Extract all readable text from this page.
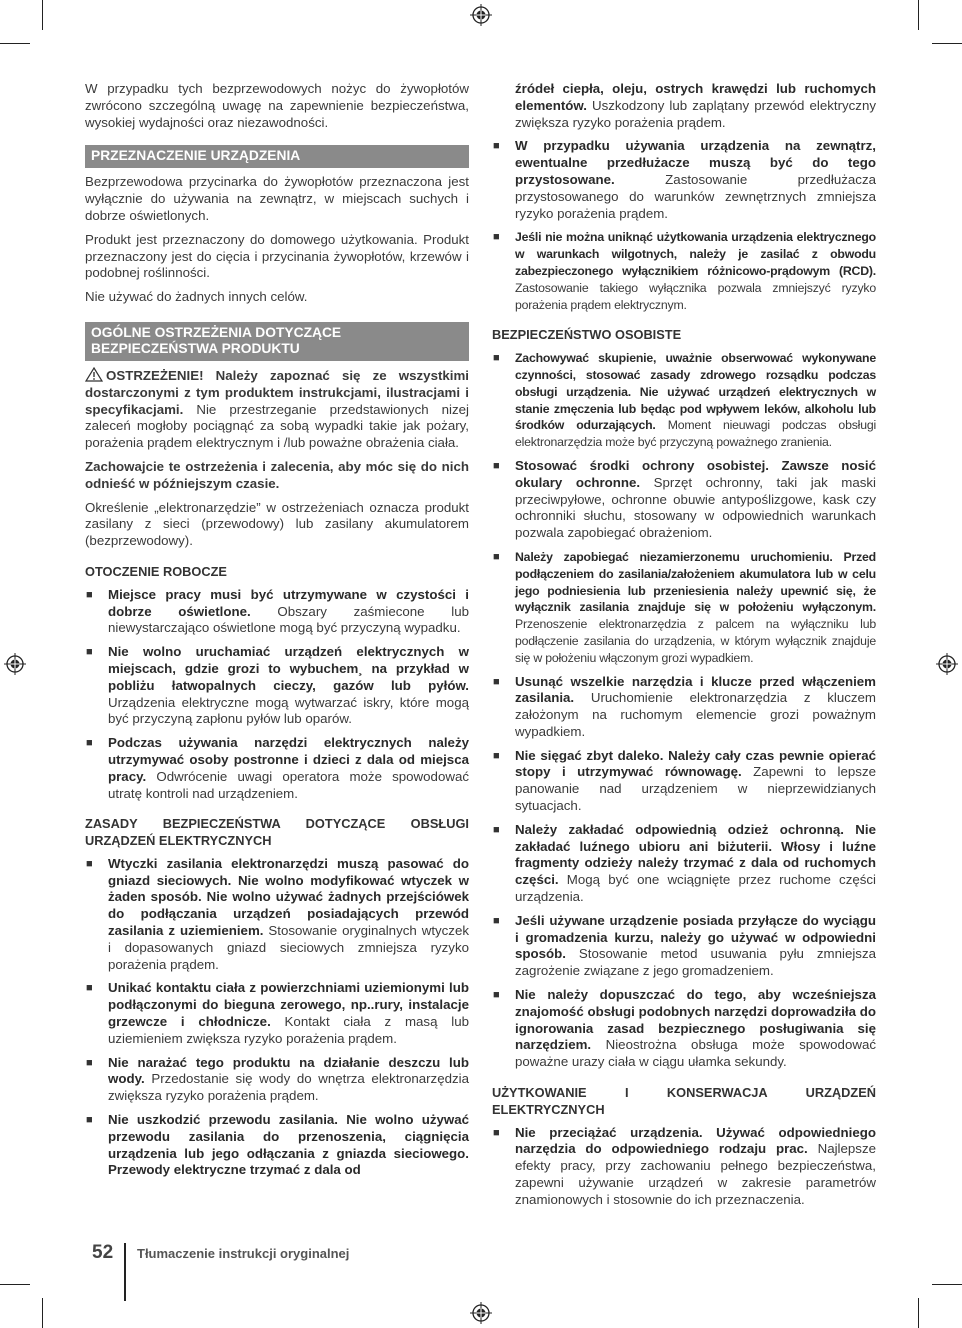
W przypadku tych bezprzewodowych nożyc do żywopłotów zwrócono szczególną uwagę na zapewnienie bezpieczeństwa, wysokiej wydajności oraz niezawodności.

PRZEZNACZENIE URZĄDZENIA

Bezprzewodowa przycinarka do żywopłotów przeznaczona jest wyłącznie do używania na zewnątrz, w miejscach suchych i dobrze oświetlonych.

Produkt jest przeznaczony do domowego użytkowania. Produkt przeznaczony jest do cięcia i przycinania żywopłotów, krzewów i podobnej roślinności.

Nie używać do żadnych innych celów.

OGÓLNE OSTRZEŻENIA DOTYCZĄCE BEZPIECZEŃSTWA PRODUKTU

OSTRZEŻENIE! Należy zapoznać się ze wszystkimi dostarczonymi z tym produktem instrukcjami, ilustracjami i specyfikacjami. Nie przestrzeganie przedstawionych nizej zaleceń mogłoby pociągnąć za sobą wypadki takie jak pożary, porażenia prądem elektrycznym i /lub poważne obrażenia ciała.

Zachowajcie te ostrzeżenia i zalecenia, aby móc się do nich odnieść w późniejszym czasie.

Określenie „elektronarzędzie” w ostrzeżeniach oznacza produkt zasilany z sieci (przewodowy) lub zasilany akumulatorem (bezprzewodowy).

OTOCZENIE ROBOCZE
■ Miejsce pracy musi być utrzymywane w czystości i dobrze oświetlone. Obszary zaśmiecone lub niewystarczająco oświetlone mogą być przyczyną wypadku.
■ Nie wolno uruchamiać urządzeń elektrycznych w miejscach, gdzie grozi to wybuchem¸ na przykład w pobliżu łatwopalnych cieczy, gazów lub pyłów. Urządzenia elektryczne mogą wytwarzać iskry, które mogą być przyczyną zapłonu pyłów lub oparów.
■ Podczas używania narzędzi elektrycznych należy utrzymywać osoby postronne i dzieci z dala od miejsca pracy. Odwrócenie uwagi operatora może spowodować utratę kontroli nad urządzeniem.
ZASADY BEZPIECZEŃSTWA DOTYCZĄCE OBSŁUGI URZĄDZEŃ ELEKTRYCZNYCH
■ Wtyczki zasilania elektronarzędzi muszą pasować do gniazd sieciowych. Nie wolno modyfikować wtyczek w żaden sposób. Nie wolno używać żadnych przejściówek do podłączania urządzeń posiadających przewód zasilania z uziemieniem. Stosowanie oryginalnych wtyczek i dopasowanych gniazd sieciowych zmniejsza ryzyko porażenia prądem.
■ Unikać kontaktu ciała z powierzchniami uziemionymi lub podłączonymi do bieguna zerowego, np..rury, instalacje grzewcze i chłodnicze. Kontakt ciała z masą lub uziemieniem zwiększa ryzyko porażenia prądem.
■ Nie narażać tego produktu na działanie deszczu lub wody. Przedostanie się wody do wnętrza elektronarzędzia zwiększa ryzyko porażenia prądem.
■ Nie uszkodzić przewodu zasilania. Nie wolno używać przewodu zasilania do przenoszenia, ciągnięcia urządzenia lub jego odłączania z gniazda sieciowego. Przewody elektryczne trzymać z dala od

źródeł ciepła, oleju, ostrych krawędzi lub ruchomych elementów. Uszkodzony lub zaplątany przewód elektryczny zwiększa ryzyko porażenia prądem.

■ W przypadku używania urządzenia na zewnątrz, ewentualne przedłużacze muszą być do tego przystosowane. Zastosowanie przedłużacza przystosowanego do warunków zewnętrznych zmniejsza ryzyko porażenia prądem.
■ Jeśli nie można uniknąć użytkowania urządzenia elektrycznego w warunkach wilgotnych, należy je zasilać z obwodu zabezpieczonego wyłącznikiem różnicowo-prądowym (RCD). Zastosowanie takiego wyłącznika pozwala zmniejszyć ryzyko porażenia prądem elektrycznym.
BEZPIECZEŃSTWO OSOBISTE
■ Zachowywać skupienie, uważnie obserwować wykonywane czynności, stosować zasady zdrowego rozsądku podczas obsługi urządzenia. Nie używać urządzeń elektrycznych w stanie zmęczenia lub będąc pod wpływem leków, alkoholu lub środków odurzających. Moment nieuwagi podczas obsługi elektronarzędzia może być przyczyną poważnego zranienia.
■ Stosować środki ochrony osobistej. Zawsze nosić okulary ochronne. Sprzęt ochronny, taki jak maski przeciwpyłowe, ochronne obuwie antypoślizgowe, kask czy ochronniki słuchu, stosowany w odpowiednich warunkach pozwala zapobiegać obrażeniom.
■ Należy zapobiegać niezamierzonemu uruchomieniu. Przed podłączeniem do zasilania/założeniem akumulatora lub w celu jego podniesienia lub przeniesienia należy upewnić się, że wyłącznik zasilania znajduje się w położeniu wyłączonym. Przenoszenie elektronarzędzia z palcem na wyłączniku lub podłączenie zasilania do urządzenia, w którym wyłącznik znajduje się w położeniu włączonym grozi wypadkiem.
■ Usunąć wszelkie narzędzia i klucze przed włączeniem zasilania. Uruchomienie elektronarzędzia z kluczem założonym na ruchomym elemencie grozi poważnym wypadkiem.
■ Nie sięgać zbyt daleko. Należy cały czas pewnie opierać stopy i utrzymywać równowagę. Zapewni to lepsze panowanie nad urządzeniem w nieprzewidzianych sytuacjach.
■ Należy zakładać odpowiednią odzież ochronną. Nie zakładać luźnego ubioru ani biżuterii. Włosy i luźne fragmenty odzieży należy trzymać z dala od ruchomych części. Mogą być one wciągnięte przez ruchome części urządzenia.
■ Jeśli używane urządzenie posiada przyłącze do wyciągu i gromadzenia kurzu, należy go używać w odpowiedni sposób. Stosowanie metod usuwania pyłu zmniejsza zagrożenie związane z jego gromadzeniem.
■ Nie należy dopuszczać do tego, aby wcześniejsza znajomość obsługi podobnych narzędzi doprowadziła do ignorowania zasad bezpiecznego posługiwania się narzędziem. Nieostrożna obsługa może spowodować poważne urazy ciała w ciągu ułamka sekundy.
UŻYTKOWANIE I KONSERWACJA URZĄDZEŃ ELEKTRYCZNYCH
■ Nie przeciążać urządzenia. Używać odpowiedniego narzędzia do odpowiedniego rodzaju prac. Najlepsze efekty pracy, przy zachowaniu pełnego bezpieczeństwa, zapewni używanie urządzeń w zakresie parametrów znamionowych i stosownie do ich przeznaczenia.
52 Tłumaczenie instrukcji oryginalnej
